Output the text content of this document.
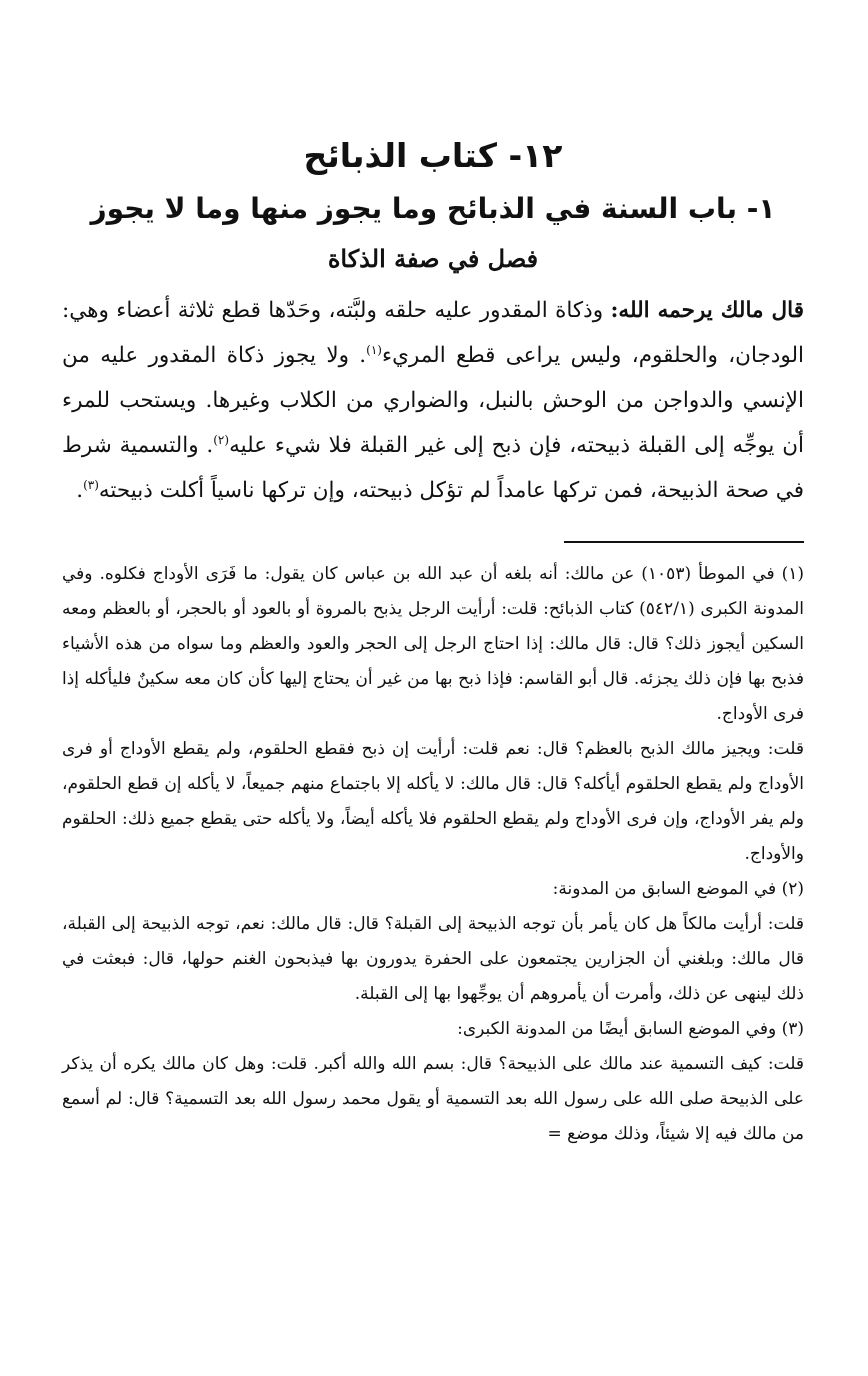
١٢- كتاب الذبائح
١- باب السنة في الذبائح وما يجوز منها وما لا يجوز
فصل في صفة الذكاة

قال مالك يرحمه الله: وذكاة المقدور عليه حلقه ولبَّته، وحَدّها قطع ثلاثة أعضاء وهي: الودجان، والحلقوم، وليس يراعى قطع المريء$^{(١)}$. ولا يجوز ذكاة المقدور عليه من الإنسي والدواجن من الوحش بالنبل، والضواري من الكلاب وغيرها. ويستحب للمرء أن يوجِّه إلى القبلة ذبيحته، فإن ذبح إلى غير القبلة فلا شيء عليه$^{(٢)}$. والتسمية شرط في صحة الذبيحة، فمن تركها عامداً لم تؤكل ذبيحته، وإن تركها ناسياً أكلت ذبيحته$^{(٣)}$.

(١) في الموطأ (١٠٥٣) عن مالك: أنه بلغه أن عبد الله بن عباس كان يقول: ما فَرَى الأوداج فكلوه. وفي المدونة الكبرى (٥٤٢/١) كتاب الذبائح: قلت: أرأيت الرجل يذبح بالمروة أو بالعود أو بالحجر، أو بالعظم ومعه السكين أيجوز ذلك؟ قال: قال مالك: إذا احتاج الرجل إلى الحجر والعود والعظم وما سواه من هذه الأشياء فذبح بها فإن ذلك يجزئه. قال أبو القاسم: فإذا ذبح بها من غير أن يحتاج إليها كأن كان معه سكينٌ فليأكله إذا فرى الأوداج.

قلت: ويجيز مالك الذبح بالعظم؟ قال: نعم قلت: أرأيت إن ذبح فقطع الحلقوم، ولم يقطع الأوداج أو فرى الأوداج ولم يقطع الحلقوم أيأكله؟ قال: قال مالك: لا يأكله إلا باجتماع منهم جميعاً، لا يأكله إن قطع الحلقوم، ولم يفر الأوداج، وإن فرى الأوداج ولم يقطع الحلقوم فلا يأكله أيضاً، ولا يأكله حتى يقطع جميع ذلك: الحلقوم والأوداج.

(٢) في الموضع السابق من المدونة:

قلت: أرأيت مالكاً هل كان يأمر بأن توجه الذبيحة إلى القبلة؟ قال: قال مالك: نعم، توجه الذبيحة إلى القبلة، قال مالك: وبلغني أن الجزارين يجتمعون على الحفرة يدورون بها فيذبحون الغنم حولها، قال: فبعثت في ذلك لينهى عن ذلك، وأمرت أن يأمروهم أن يوجِّهوا بها إلى القبلة.

(٣) وفي الموضع السابق أيضًا من المدونة الكبرى:

قلت: كيف التسمية عند مالك على الذبيحة؟ قال: بسم الله والله أكبر. قلت: وهل كان مالك يكره أن يذكر على الذبيحة صلى الله على رسول الله بعد التسمية أو يقول محمد رسول الله بعد التسمية؟ قال: لم أسمع من مالك فيه إلا شيئاً، وذلك موضع =
